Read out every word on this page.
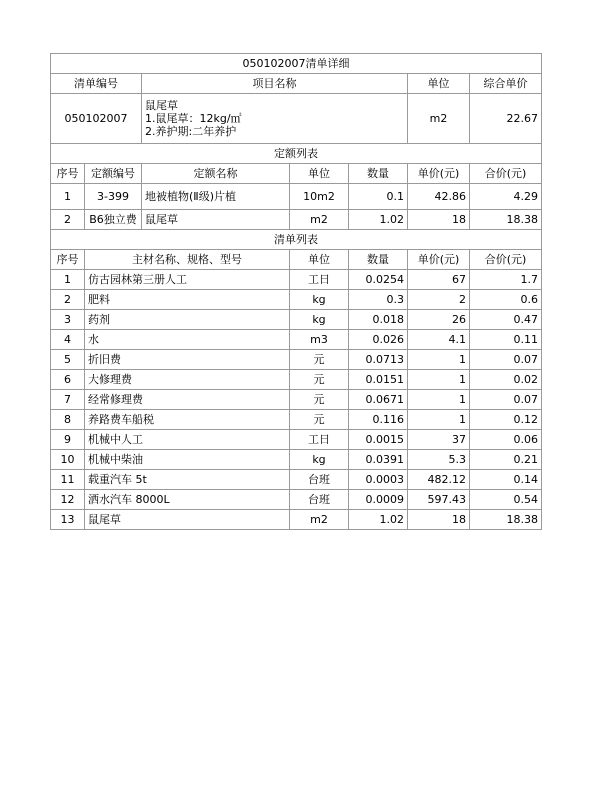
050102007清单详细						
清单编号		项目名称			单位	综合单价
050102007		鼠尾草
1.鼠尾草：12kg/㎡
2.养护期:二年养护			m2	22.67
定额列表						
序号	定额编号	定额名称	单位	数量	单价(元)	合价(元)
1	3-399	地被植物(Ⅱ级)片植	10m2	0.1	42.86	4.29
2	B6独立费	鼠尾草	m2	1.02	18	18.38
清单列表						
序号	主材名称、规格、型号		单位	数量	单价(元)	合价(元)
1	仿古园林第三册人工		工日	0.0254	67	1.7
2	肥料		kg	0.3	2	0.6
3	药剂		kg	0.018	26	0.47
4	水		m3	0.026	4.1	0.11
5	折旧费		元	0.0713	1	0.07
6	大修理费		元	0.0151	1	0.02
7	经常修理费		元	0.0671	1	0.07
8	养路费车船税		元	0.116	1	0.12
9	机械中人工		工日	0.0015	37	0.06
10	机械中柴油		kg	0.0391	5.3	0.21
11	载重汽车 5t		台班	0.0003	482.12	0.14
12	洒水汽车 8000L		台班	0.0009	597.43	0.54
13	鼠尾草		m2	1.02	18	18.38
